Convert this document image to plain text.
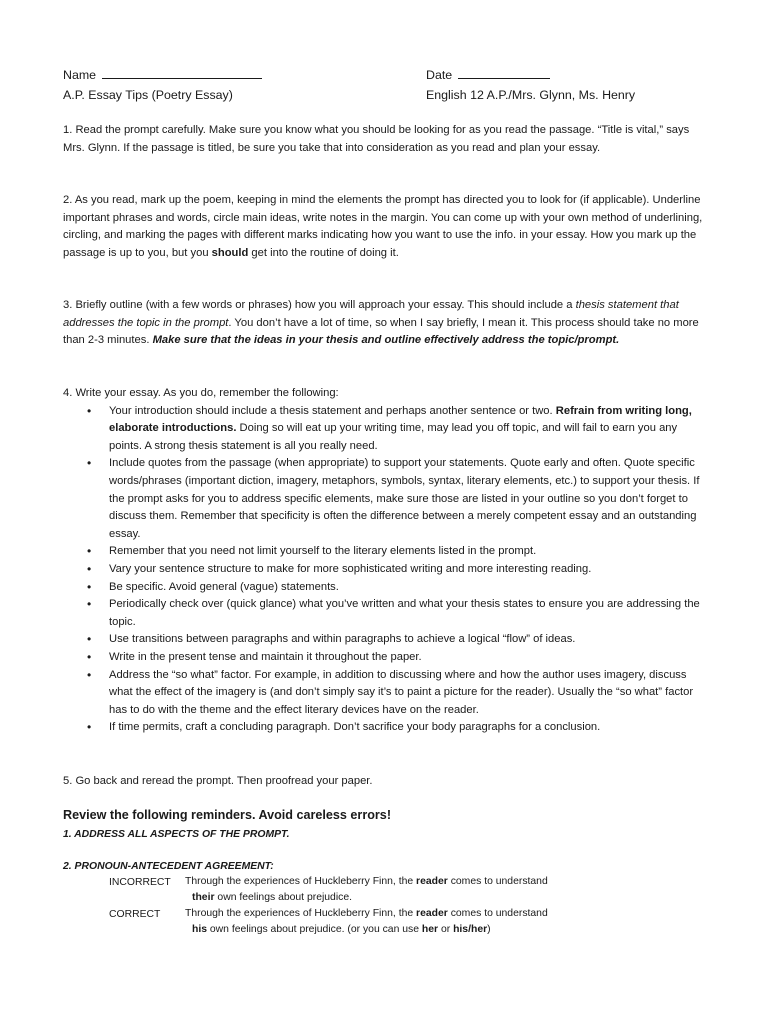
Name	Date
A.P. Essay Tips (Poetry Essay)	English 12 A.P./Mrs. Glynn, Ms. Henry

1. Read the prompt carefully. Make sure you know what you should be looking for as you read the passage. “Title is vital,” says Mrs. Glynn. If the passage is titled, be sure you take that into consideration as you read and plan your essay.

2. As you read, mark up the poem, keeping in mind the elements the prompt has directed you to look for (if applicable). Underline important phrases and words, circle main ideas, write notes in the margin. You can come up with your own method of underlining, circling, and marking the pages with different marks indicating how you want to use the info. in your essay. How you mark up the passage is up to you, but you should get into the routine of doing it.

3. Briefly outline (with a few words or phrases) how you will approach your essay. This should include a thesis statement that addresses the topic in the prompt. You don’t have a lot of time, so when I say briefly, I mean it. This process should take no more than 2-3 minutes. Make sure that the ideas in your thesis and outline effectively address the topic/prompt.

4. Write your essay. As you do, remember the following:

• Your introduction should include a thesis statement and perhaps another sentence or two. Refrain from writing long, elaborate introductions. Doing so will eat up your writing time, may lead you off topic, and will fail to earn you any points. A strong thesis statement is all you really need.
• Include quotes from the passage (when appropriate) to support your statements. Quote early and often. Quote specific words/phrases (important diction, imagery, metaphors, symbols, syntax, literary elements, etc.) to support your thesis. If the prompt asks for you to address specific elements, make sure those are listed in your outline so you don’t forget to discuss them. Remember that specificity is often the difference between a merely competent essay and an outstanding essay.
• Remember that you need not limit yourself to the literary elements listed in the prompt.
• Vary your sentence structure to make for more sophisticated writing and more interesting reading.
• Be specific. Avoid general (vague) statements.
• Periodically check over (quick glance) what you’ve written and what your thesis states to ensure you are addressing the topic.
• Use transitions between paragraphs and within paragraphs to achieve a logical “flow” of ideas.
• Write in the present tense and maintain it throughout the paper.
• Address the “so what” factor. For example, in addition to discussing where and how the author uses imagery, discuss what the effect of the imagery is (and don’t simply say it’s to paint a picture for the reader). Usually the “so what” factor has to do with the theme and the effect literary devices have on the reader.
• If time permits, craft a concluding paragraph. Don’t sacrifice your body paragraphs for a conclusion.

5. Go back and reread the prompt. Then proofread your paper.

Review the following reminders. Avoid careless errors!
1. ADDRESS ALL ASPECTS OF THE PROMPT.
2. PRONOUN-ANTECEDENT AGREEMENT:
INCORRECT Through the experiences of Huckleberry Finn, the reader comes to understand
their own feelings about prejudice.
CORRECT Through the experiences of Huckleberry Finn, the reader comes to understand
his own feelings about prejudice. (or you can use her or his/her)
